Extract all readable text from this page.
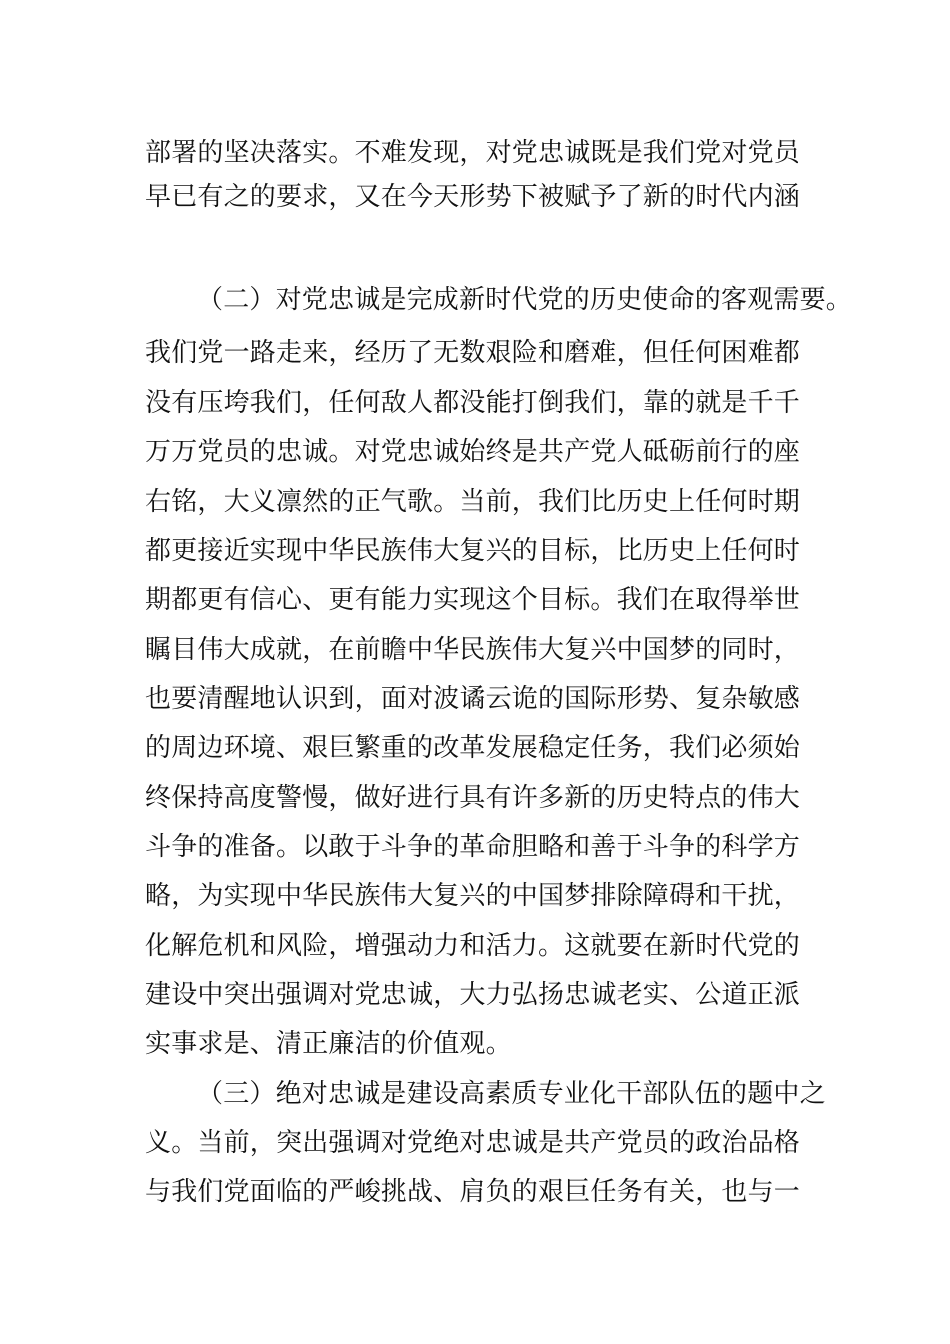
部署的坚决落实。不难发现，对党忠诚既是我们党对党员
早已有之的要求，又在今天形势下被赋予了新的时代内涵
（二）对党忠诚是完成新时代党的历史使命的客观需要。
我们党一路走来，经历了无数艰险和磨难，但任何困难都
没有压垮我们，任何敌人都没能打倒我们，靠的就是千千
万万党员的忠诚。对党忠诚始终是共产党人砥砺前行的座
右铭，大义凛然的正气歌。当前，我们比历史上任何时期
都更接近实现中华民族伟大复兴的目标，比历史上任何时
期都更有信心、更有能力实现这个目标。我们在取得举世
瞩目伟大成就，在前瞻中华民族伟大复兴中国梦的同时，
也要清醒地认识到，面对波谲云诡的国际形势、复杂敏感
的周边环境、艰巨繁重的改革发展稳定任务，我们必须始
终保持高度警慢，做好进行具有许多新的历史特点的伟大
斗争的准备。以敢于斗争的革命胆略和善于斗争的科学方
略，为实现中华民族伟大复兴的中国梦排除障碍和干扰，
化解危机和风险，增强动力和活力。这就要在新时代党的
建设中突出强调对党忠诚，大力弘扬忠诚老实、公道正派
实事求是、清正廉洁的价值观。
（三）绝对忠诚是建设高素质专业化干部队伍的题中之
义。当前，突出强调对党绝对忠诚是共产党员的政治品格
与我们党面临的严峻挑战、肩负的艰巨任务有关，也与一
